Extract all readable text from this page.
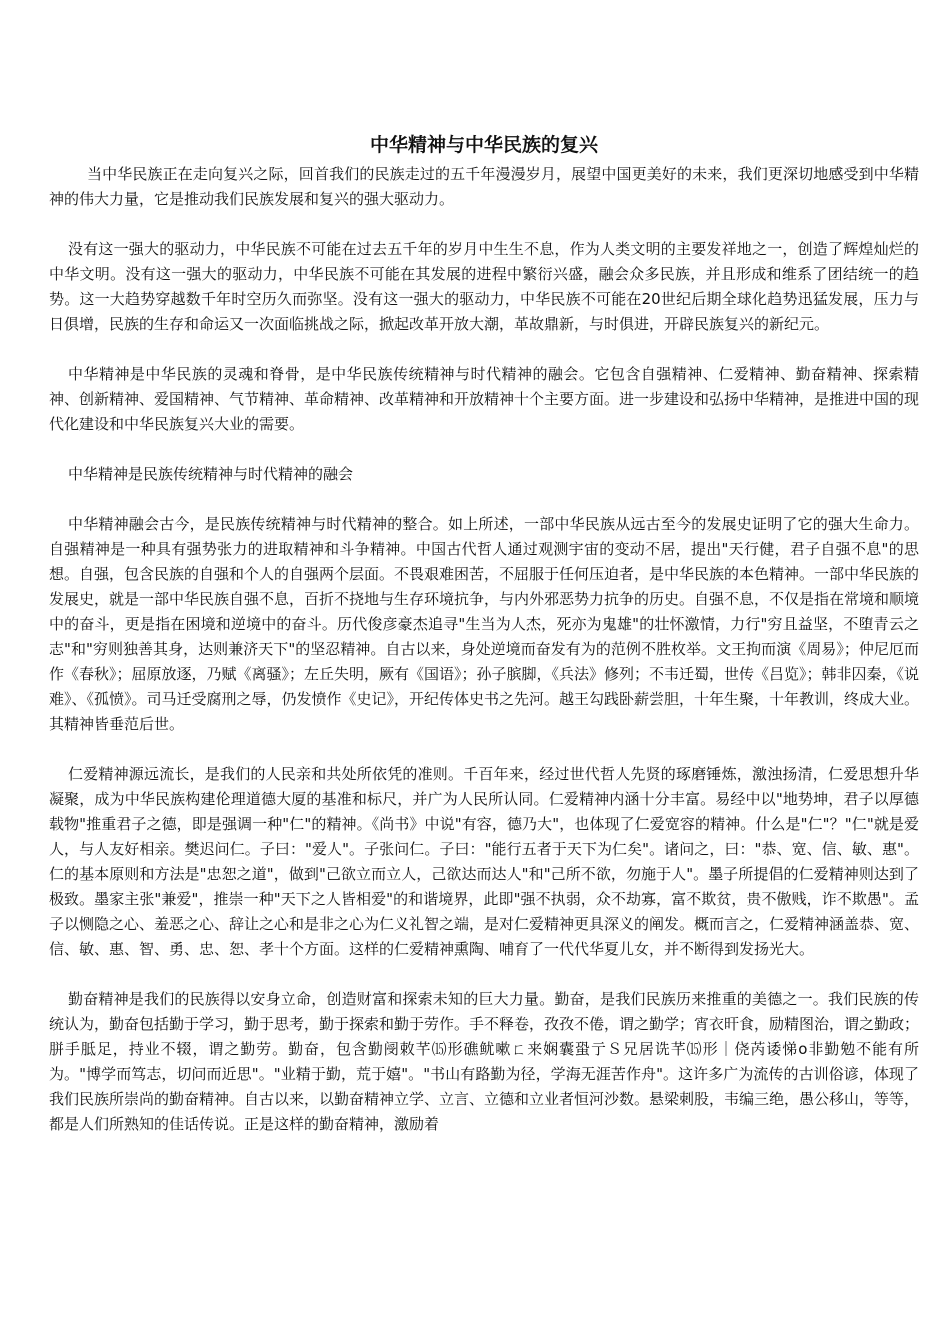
中华精神与中华民族的复兴

当中华民族正在走向复兴之际，回首我们的民族走过的五千年漫漫岁月，展望中国更美好的未来，我们更深切地感受到中华精神的伟大力量，它是推动我们民族发展和复兴的强大驱动力。

没有这一强大的驱动力，中华民族不可能在过去五千年的岁月中生生不息，作为人类文明的主要发祥地之一，创造了辉煌灿烂的中华文明。没有这一强大的驱动力，中华民族不可能在其发展的进程中繁衍兴盛，融会众多民族，并且形成和维系了团结统一的趋势。这一大趋势穿越数千年时空历久而弥坚。没有这一强大的驱动力，中华民族不可能在20世纪后期全球化趋势迅猛发展，压力与日俱增，民族的生存和命运又一次面临挑战之际，掀起改革开放大潮，革故鼎新，与时俱进，开辟民族复兴的新纪元。

中华精神是中华民族的灵魂和脊骨，是中华民族传统精神与时代精神的融会。它包含自强精神、仁爱精神、勤奋精神、探索精神、创新精神、爱国精神、气节精神、革命精神、改革精神和开放精神十个主要方面。进一步建设和弘扬中华精神，是推进中国的现代化建设和中华民族复兴大业的需要。

中华精神是民族传统精神与时代精神的融会

中华精神融会古今，是民族传统精神与时代精神的整合。如上所述，一部中华民族从远古至今的发展史证明了它的强大生命力。自强精神是一种具有强势张力的进取精神和斗争精神。中国古代哲人通过观测宇宙的变动不居，提出"天行健，君子自强不息"的思想。自强，包含民族的自强和个人的自强两个层面。不畏艰难困苦，不屈服于任何压迫者，是中华民族的本色精神。一部中华民族的发展史，就是一部中华民族自强不息，百折不挠地与生存环境抗争，与内外邪恶势力抗争的历史。自强不息，不仅是指在常境和顺境中的奋斗，更是指在困境和逆境中的奋斗。历代俊彦豪杰追寻"生当为人杰，死亦为鬼雄"的壮怀激情，力行"穷且益坚，不堕青云之志"和"穷则独善其身，达则兼济天下"的坚忍精神。自古以来，身处逆境而奋发有为的范例不胜枚举。文王拘而演《周易》；仲尼厄而作《春秋》；屈原放逐，乃赋《离骚》；左丘失明，厥有《国语》；孙子膑脚，《兵法》修列；不韦迁蜀，世传《吕览》；韩非囚秦，《说难》、《孤愤》。司马迁受腐刑之辱，仍发愤作《史记》，开纪传体史书之先河。越王勾践卧薪尝胆，十年生聚，十年教训，终成大业。其精神皆垂范后世。

仁爱精神源远流长，是我们的人民亲和共处所依凭的准则。千百年来，经过世代哲人先贤的琢磨锤炼，激浊扬清，仁爱思想升华凝聚，成为中华民族构建伦理道德大厦的基准和标尺，并广为人民所认同。仁爱精神内涵十分丰富。易经中以"地势坤，君子以厚德载物"推重君子之德，即是强调一种"仁"的精神。《尚书》中说"有容，德乃大"，也体现了仁爱宽容的精神。什么是"仁"？"仁"就是爱人，与人友好相亲。樊迟问仁。子曰："爱人"。子张问仁。子曰："能行五者于天下为仁矣"。诸问之，曰："恭、宽、信、敏、惠"。仁的基本原则和方法是"忠恕之道"，做到"己欲立而立人，己欲达而达人"和"己所不欲，勿施于人"。墨子所提倡的仁爱精神则达到了极致。墨家主张"兼爱"，推崇一种"天下之人皆相爱"的和谐境界，此即"强不执弱，众不劫寡，富不欺贫，贵不傲贱，诈不欺愚"。孟子以恻隐之心、羞恶之心、辞让之心和是非之心为仁义礼智之端，是对仁爱精神更具深义的阐发。概而言之，仁爱精神涵盖恭、宽、信、敏、惠、智、勇、忠、恕、孝十个方面。这样的仁爱精神熏陶、哺育了一代代华夏儿女，并不断得到发扬光大。

勤奋精神是我们的民族得以安身立命，创造财富和探索未知的巨大力量。勤奋，是我们民族历来推重的美德之一。我们民族的传统认为，勤奋包括勤于学习，勤于思考，勤于探索和勤于劳作。手不释卷，孜孜不倦，谓之勤学；宵衣旰食，励精图治，谓之勤政；胼手胝足，持业不辍，谓之勤劳。勤奋，包含勤阌敕芊⒂形礁鱿嗽ㄈ来娴囊蛩亍Ｓ兄居诜芊⒂形｜侥芮诿悌ο非勤勉不能有所为。"博学而笃志，切问而近思"。"业精于勤，荒于嬉"。"书山有路勤为径，学海无涯苦作舟"。这许多广为流传的古训俗谚，体现了我们民族所崇尚的勤奋精神。自古以来，以勤奋精神立学、立言、立德和立业者恒河沙数。悬梁刺股，韦编三绝，愚公移山，等等，都是人们所熟知的佳话传说。正是这样的勤奋精神，激励着
